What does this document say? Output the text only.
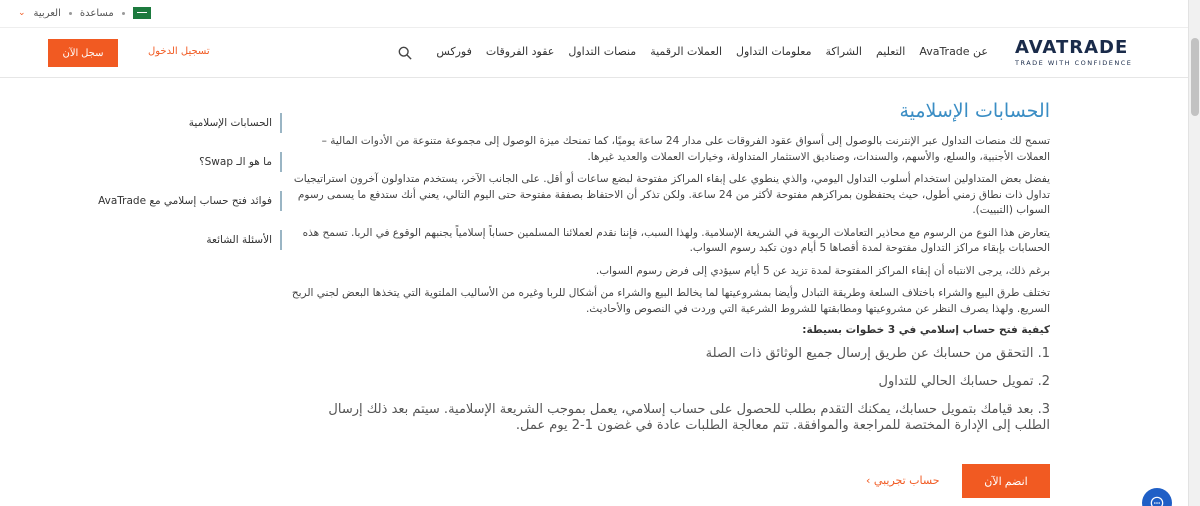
⌄ العربية مساعدة
سجل الآن	تسجيل الدخول	فوركس عقود الفروقات منصات التداول العملات الرقمية معلومات التداول الشراكة التعليم عن AvaTrade AVATRADE
TRADE WITH CONFIDENCE
الحسابات الإسلامية
ما هو الـ Swap؟
فوائد فتح حساب إسلامي مع AvaTrade
الأسئلة الشائعة
الحسابات الإسلامية

تسمح لك منصات التداول عبر الإنترنت بالوصول إلى أسواق عقود الفروقات على مدار 24 ساعة يوميًا، كما تمنحك ميزة الوصول إلى مجموعة متنوعة من الأدوات المالية – العملات الأجنبية، والسلع، والأسهم، والسندات، وصناديق الاستثمار المتداولة، وخيارات العملات والعديد غيرها.

يفضل بعض المتداولين استخدام أسلوب التداول اليومي، والذي ينطوي على إبقاء المراكز مفتوحة لبضع ساعات أو أقل. على الجانب الآخر، يستخدم متداولون آخرون استراتيجيات تداول ذات نطاق زمني أطول، حيث يحتفظون بمراكزهم مفتوحة لأكثر من 24 ساعة. ولكن تذكر أن الاحتفاظ بصفقة مفتوحة حتى اليوم التالي، يعني أنك ستدفع ما يسمى رسوم السواب (التبييت).

يتعارض هذا النوع من الرسوم مع محاذير التعاملات الربوية في الشريعة الإسلامية. ولهذا السبب، فإننا نقدم لعملائنا المسلمين حساباً إسلامياً يجنبهم الوقوع في الربا. تسمح هذه الحسابات بإبقاء مراكز التداول مفتوحة لمدة أقصاها 5 أيام دون تكبد رسوم السواب.

برغم ذلك، يرجى الانتباه أن إبقاء المراكز المفتوحة لمدة تزيد عن 5 أيام سيؤدي إلى فرض رسوم السواب.

تختلف طرق البيع والشراء باختلاف السلعة وطريقة التبادل وأيضا بمشروعيتها لما يخالط البيع والشراء من أشكال للربا وغيره من الأساليب الملتوية التي يتخذها البعض لجني الربح السريع. ولهذا يصرف النظر عن مشروعيتها ومطابقتها للشروط الشرعية التي وردت في النصوص والأحاديث.

كيفية فتح حساب إسلامي في 3 خطوات بسيطة:
1. التحقق من حسابك عن طريق إرسال جميع الوثائق ذات الصلة
2. تمويل حسابك الحالي للتداول
3. بعد قيامك بتمويل حسابك، يمكنك التقدم بطلب للحصول على حساب إسلامي، يعمل بموجب الشريعة الإسلامية. سيتم بعد ذلك إرسال الطلب إلى الإدارة المختصة للمراجعة والموافقة. تتم معالجة الطلبات عادة في غضون 1-2 يوم عمل.
انضم الآن
حساب تجريبي ›
